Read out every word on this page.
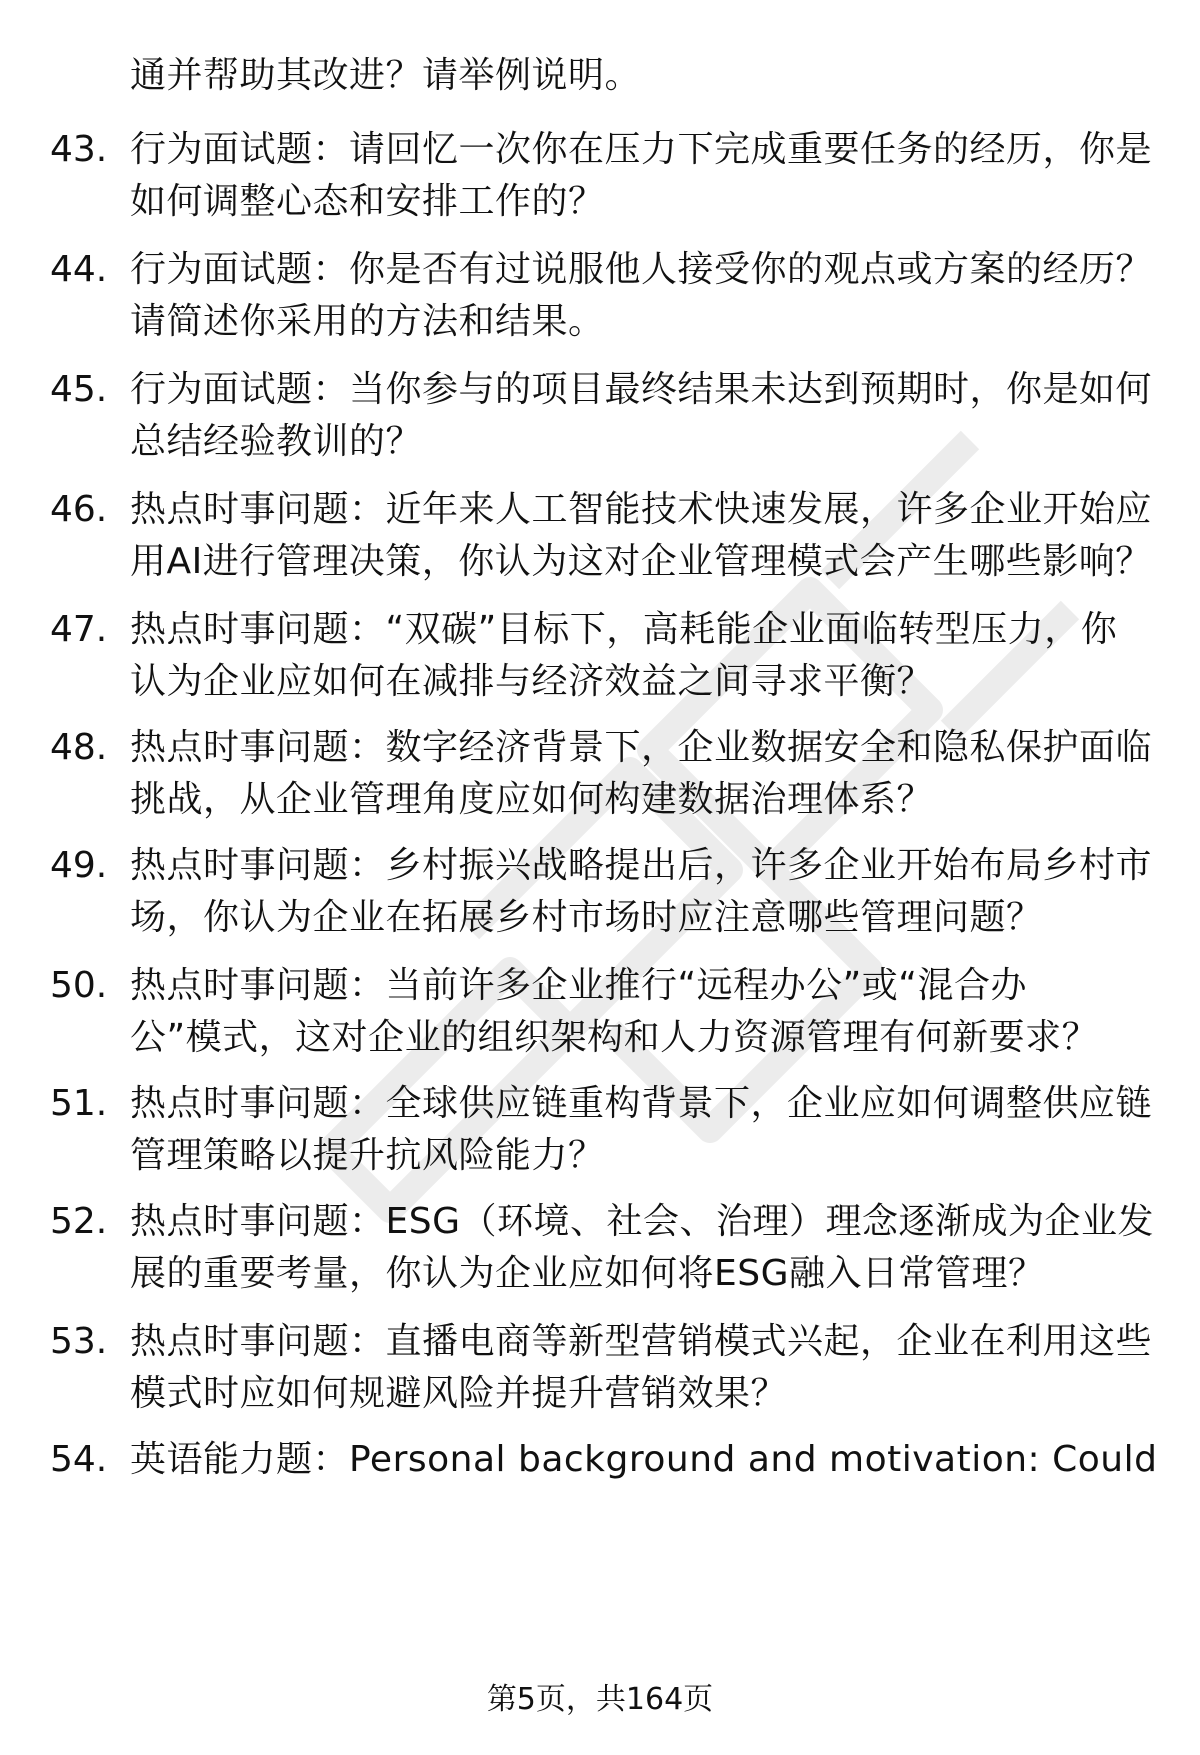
通并帮助其改进？请举例说明。
43. 行为面试题：请回忆一次你在压力下完成重要任务的经历，你是
如何调整心态和安排工作的？
44. 行为面试题：你是否有过说服他人接受你的观点或方案的经历？
请简述你采用的方法和结果。
45. 行为面试题：当你参与的项目最终结果未达到预期时，你是如何
总结经验教训的？
46. 热点时事问题：近年来人工智能技术快速发展，许多企业开始应
用AI进行管理决策，你认为这对企业管理模式会产生哪些影响？
47. 热点时事问题：“双碳”目标下，高耗能企业面临转型压力，你
认为企业应如何在减排与经济效益之间寻求平衡？
48. 热点时事问题：数字经济背景下，企业数据安全和隐私保护面临
挑战，从企业管理角度应如何构建数据治理体系？
49. 热点时事问题：乡村振兴战略提出后，许多企业开始布局乡村市
场，你认为企业在拓展乡村市场时应注意哪些管理问题？
50. 热点时事问题：当前许多企业推行“远程办公”或“混合办
公”模式，这对企业的组织架构和人力资源管理有何新要求？
51. 热点时事问题：全球供应链重构背景下，企业应如何调整供应链
管理策略以提升抗风险能力？
52. 热点时事问题：ESG（环境、社会、治理）理念逐渐成为企业发
展的重要考量，你认为企业应如何将ESG融入日常管理？
53. 热点时事问题：直播电商等新型营销模式兴起，企业在利用这些
模式时应如何规避风险并提升营销效果？
54. 英语能力题：Personal background and motivation: Could
第5页，共164页
